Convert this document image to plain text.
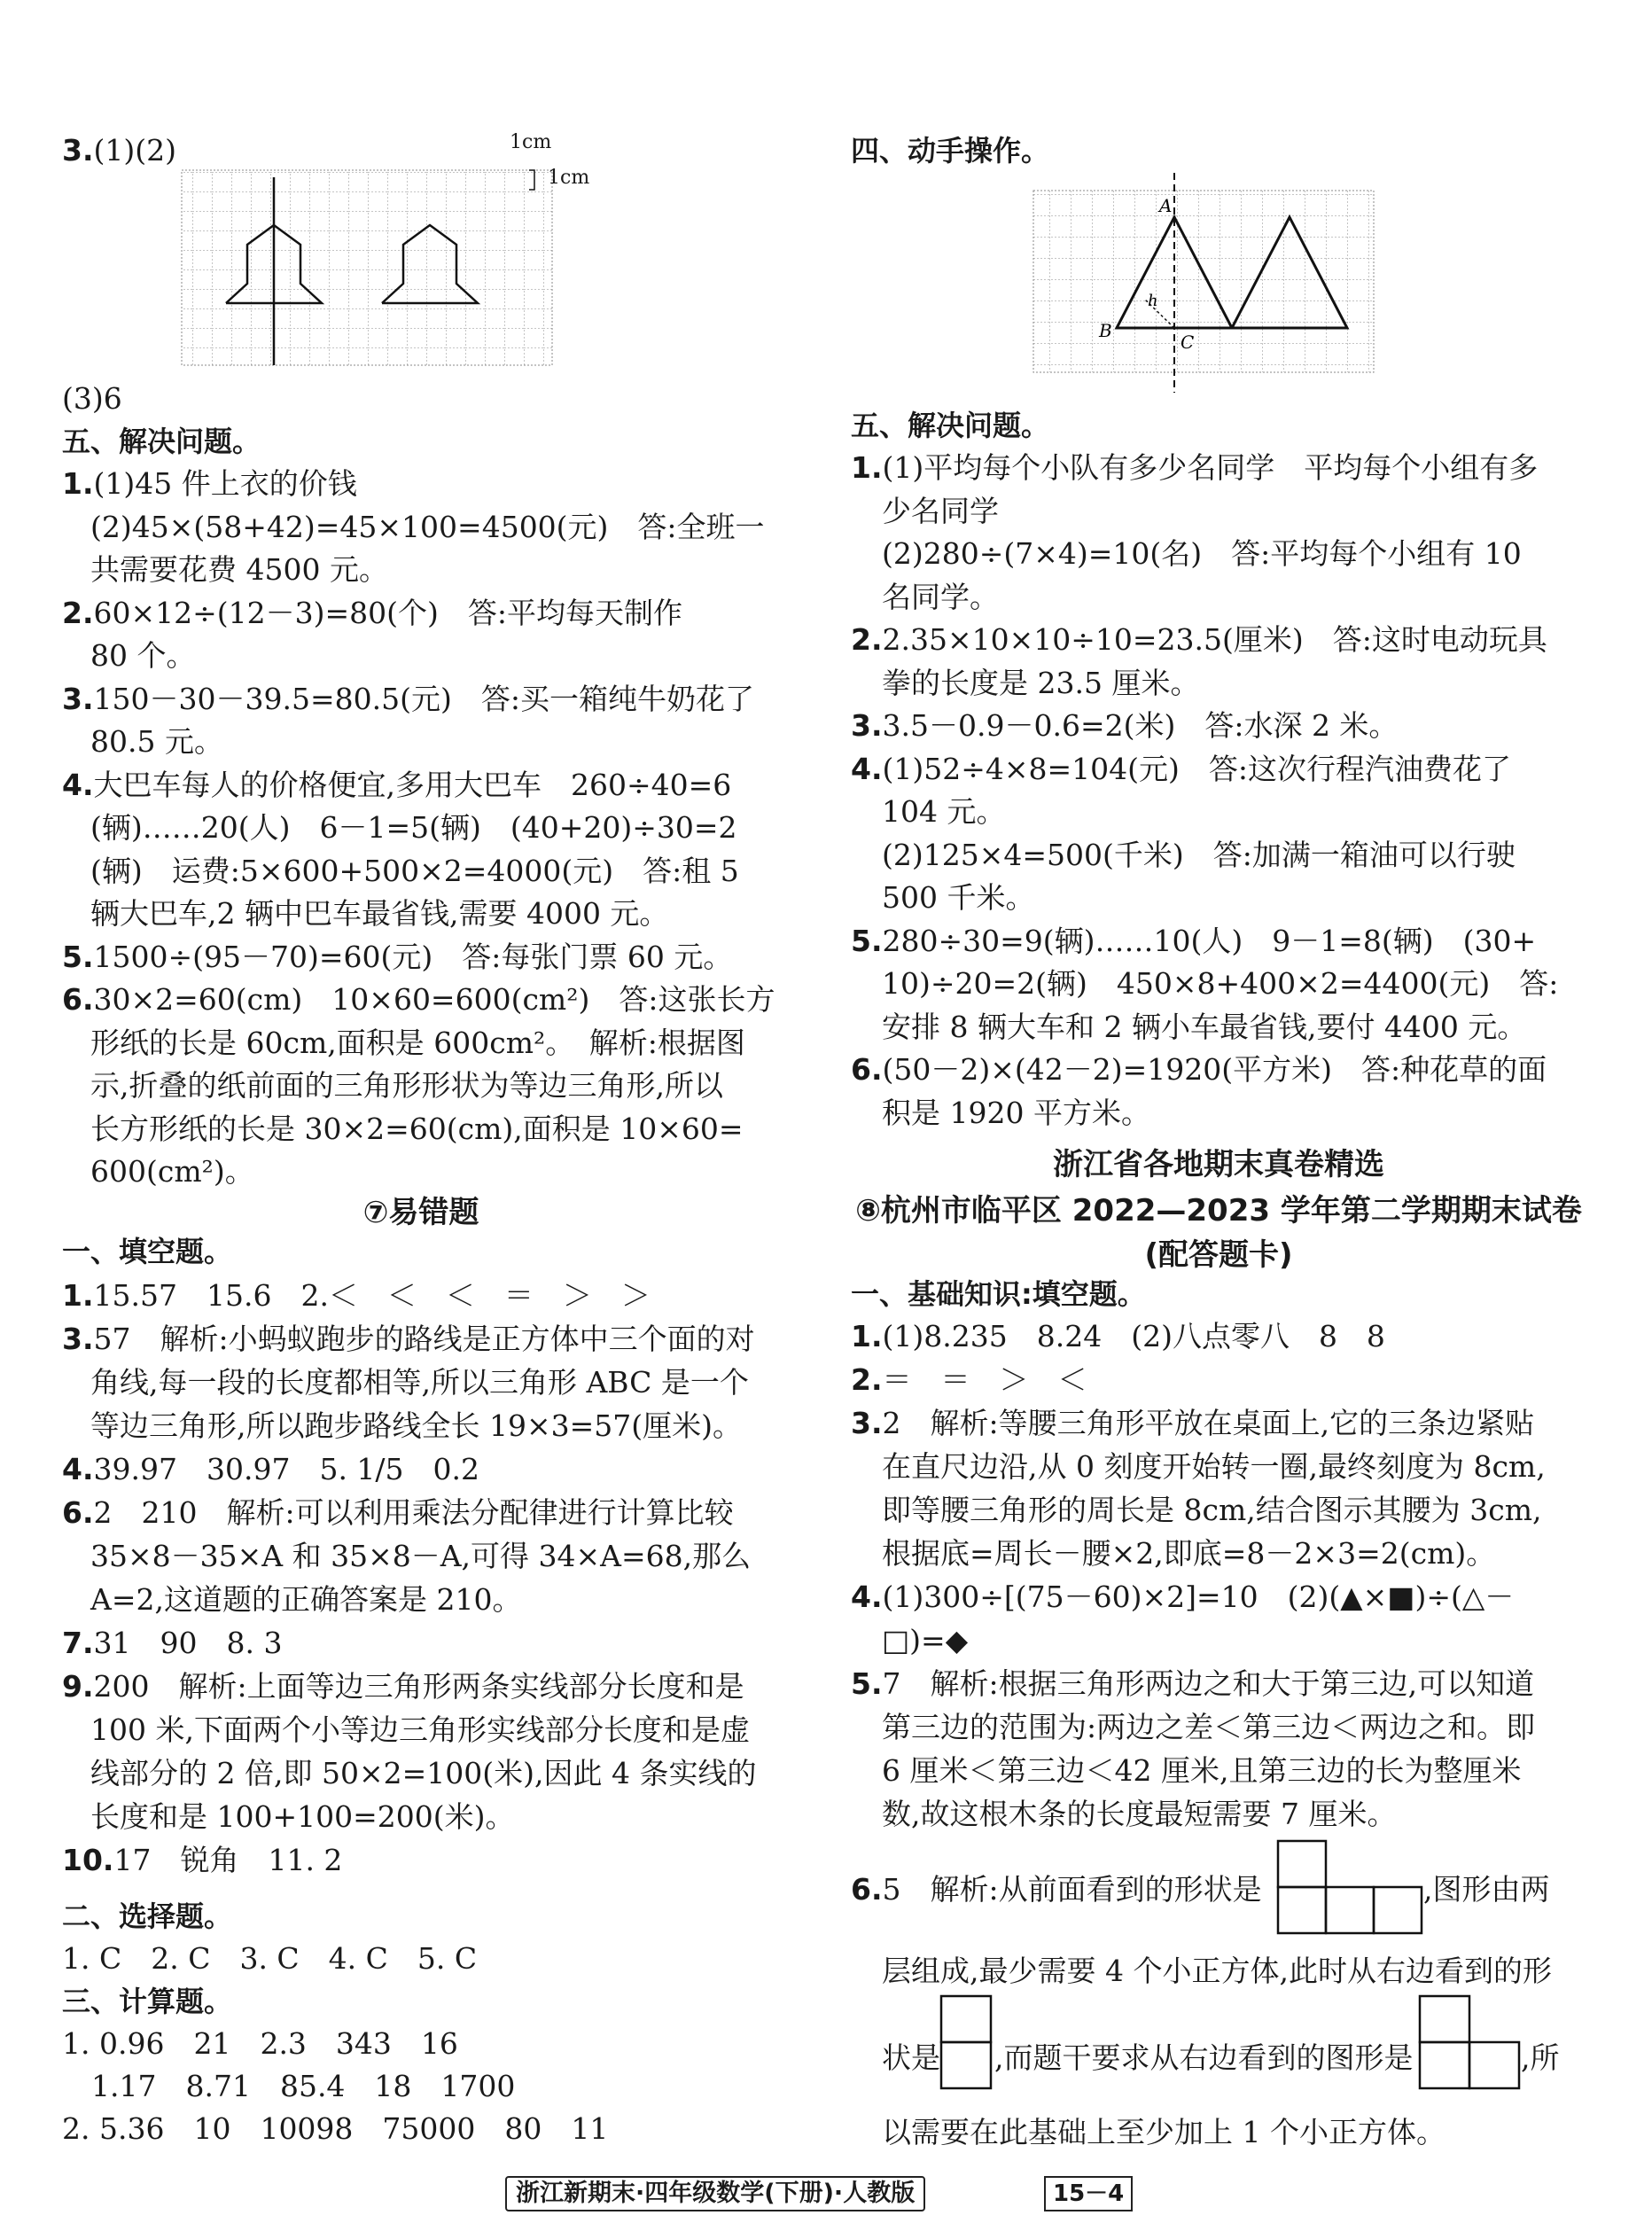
3.(1)(2)	1cm
1cm
(3)6
五、解决问题。
1.(1)45 件上衣的价钱
(2)45×(58+42)=45×100=4500(元)　答:全班一
共需要花费 4500 元。
2.60×12÷(12－3)=80(个)　答:平均每天制作
80 个。
3.150－30－39.5=80.5(元)　答:买一箱纯牛奶花了
80.5 元。
4.大巴车每人的价格便宜,多用大巴车　260÷40=6
(辆)……20(人)　6－1=5(辆)　(40+20)÷30=2
(辆)　运费:5×600+500×2=4000(元)　答:租 5
辆大巴车,2 辆中巴车最省钱,需要 4000 元。
5.1500÷(95－70)=60(元)　答:每张门票 60 元。
6.30×2=60(cm)　10×60=600(cm²)　答:这张长方
形纸的长是 60cm,面积是 600cm²。　解析:根据图
示,折叠的纸前面的三角形形状为等边三角形,所以
长方形纸的长是 30×2=60(cm),面积是 10×60=
600(cm²)。
⑦易错题
一、填空题。
1.15.57　15.6　2.＜　＜　＜　＝　＞　＞
3.57　解析:小蚂蚁跑步的路线是正方体中三个面的对
角线,每一段的长度都相等,所以三角形 ABC 是一个
等边三角形,所以跑步路线全长 19×3=57(厘米)。
4.39.97　30.97　5. 1/5　0.2
6.2　210　解析:可以利用乘法分配律进行计算比较
35×8－35×A 和 35×8－A,可得 34×A=68,那么
A=2,这道题的正确答案是 210。
7.31　90　8. 3
9.200　解析:上面等边三角形两条实线部分长度和是
100 米,下面两个小等边三角形实线部分长度和是虚
线部分的 2 倍,即 50×2=100(米),因此 4 条实线的
长度和是 100+100=200(米)。
10.17　锐角　11. 2
二、选择题。
1. C　2. C　3. C　4. C　5. C
三、计算题。
1. 0.96　21　2.3　343　16
　1.17　8.71　85.4　18　1700
2. 5.36　10　10098　75000　80　11
四、动手操作。
A
B
C
h
五、解决问题。
1.(1)平均每个小队有多少名同学　平均每个小组有多
少名同学
(2)280÷(7×4)=10(名)　答:平均每个小组有 10
名同学。
2.2.35×10×10÷10=23.5(厘米)　答:这时电动玩具
拳的长度是 23.5 厘米。
3.3.5－0.9－0.6=2(米)　答:水深 2 米。
4.(1)52÷4×8=104(元)　答:这次行程汽油费花了
104 元。
(2)125×4=500(千米)　答:加满一箱油可以行驶
500 千米。
5.280÷30=9(辆)……10(人)　9－1=8(辆)　(30+
10)÷20=2(辆)　450×8+400×2=4400(元)　答:
安排 8 辆大车和 2 辆小车最省钱,要付 4400 元。
6.(50－2)×(42－2)=1920(平方米)　答:种花草的面
积是 1920 平方米。
浙江省各地期末真卷精选
⑧杭州市临平区 2022—2023 学年第二学期期末试卷
(配答题卡)
一、基础知识:填空题。
1.(1)8.235　8.24　(2)八点零八　8　8
2.＝　＝　＞　＜
3.2　解析:等腰三角形平放在桌面上,它的三条边紧贴
在直尺边沿,从 0 刻度开始转一圈,最终刻度为 8cm,
即等腰三角形的周长是 8cm,结合图示其腰为 3cm,
根据底=周长－腰×2,即底=8－2×3=2(cm)。
4.(1)300÷[(75－60)×2]=10　(2)(▲×■)÷(△－
□)=◆
5.7　解析:根据三角形两边之和大于第三边,可以知道
第三边的范围为:两边之差＜第三边＜两边之和。即
6 厘米＜第三边＜42 厘米,且第三边的长为整厘米
数,故这根木条的长度最短需要 7 厘米。
6.5　解析:从前面看到的形状是	,图形由两
层组成,最少需要 4 个小正方体,此时从右边看到的形
状是 ,而题干要求从右边看到的图形是	,所
以需要在此基础上至少加上 1 个小正方体。
浙江新期末·四年级数学(下册)·人教版	15－4
